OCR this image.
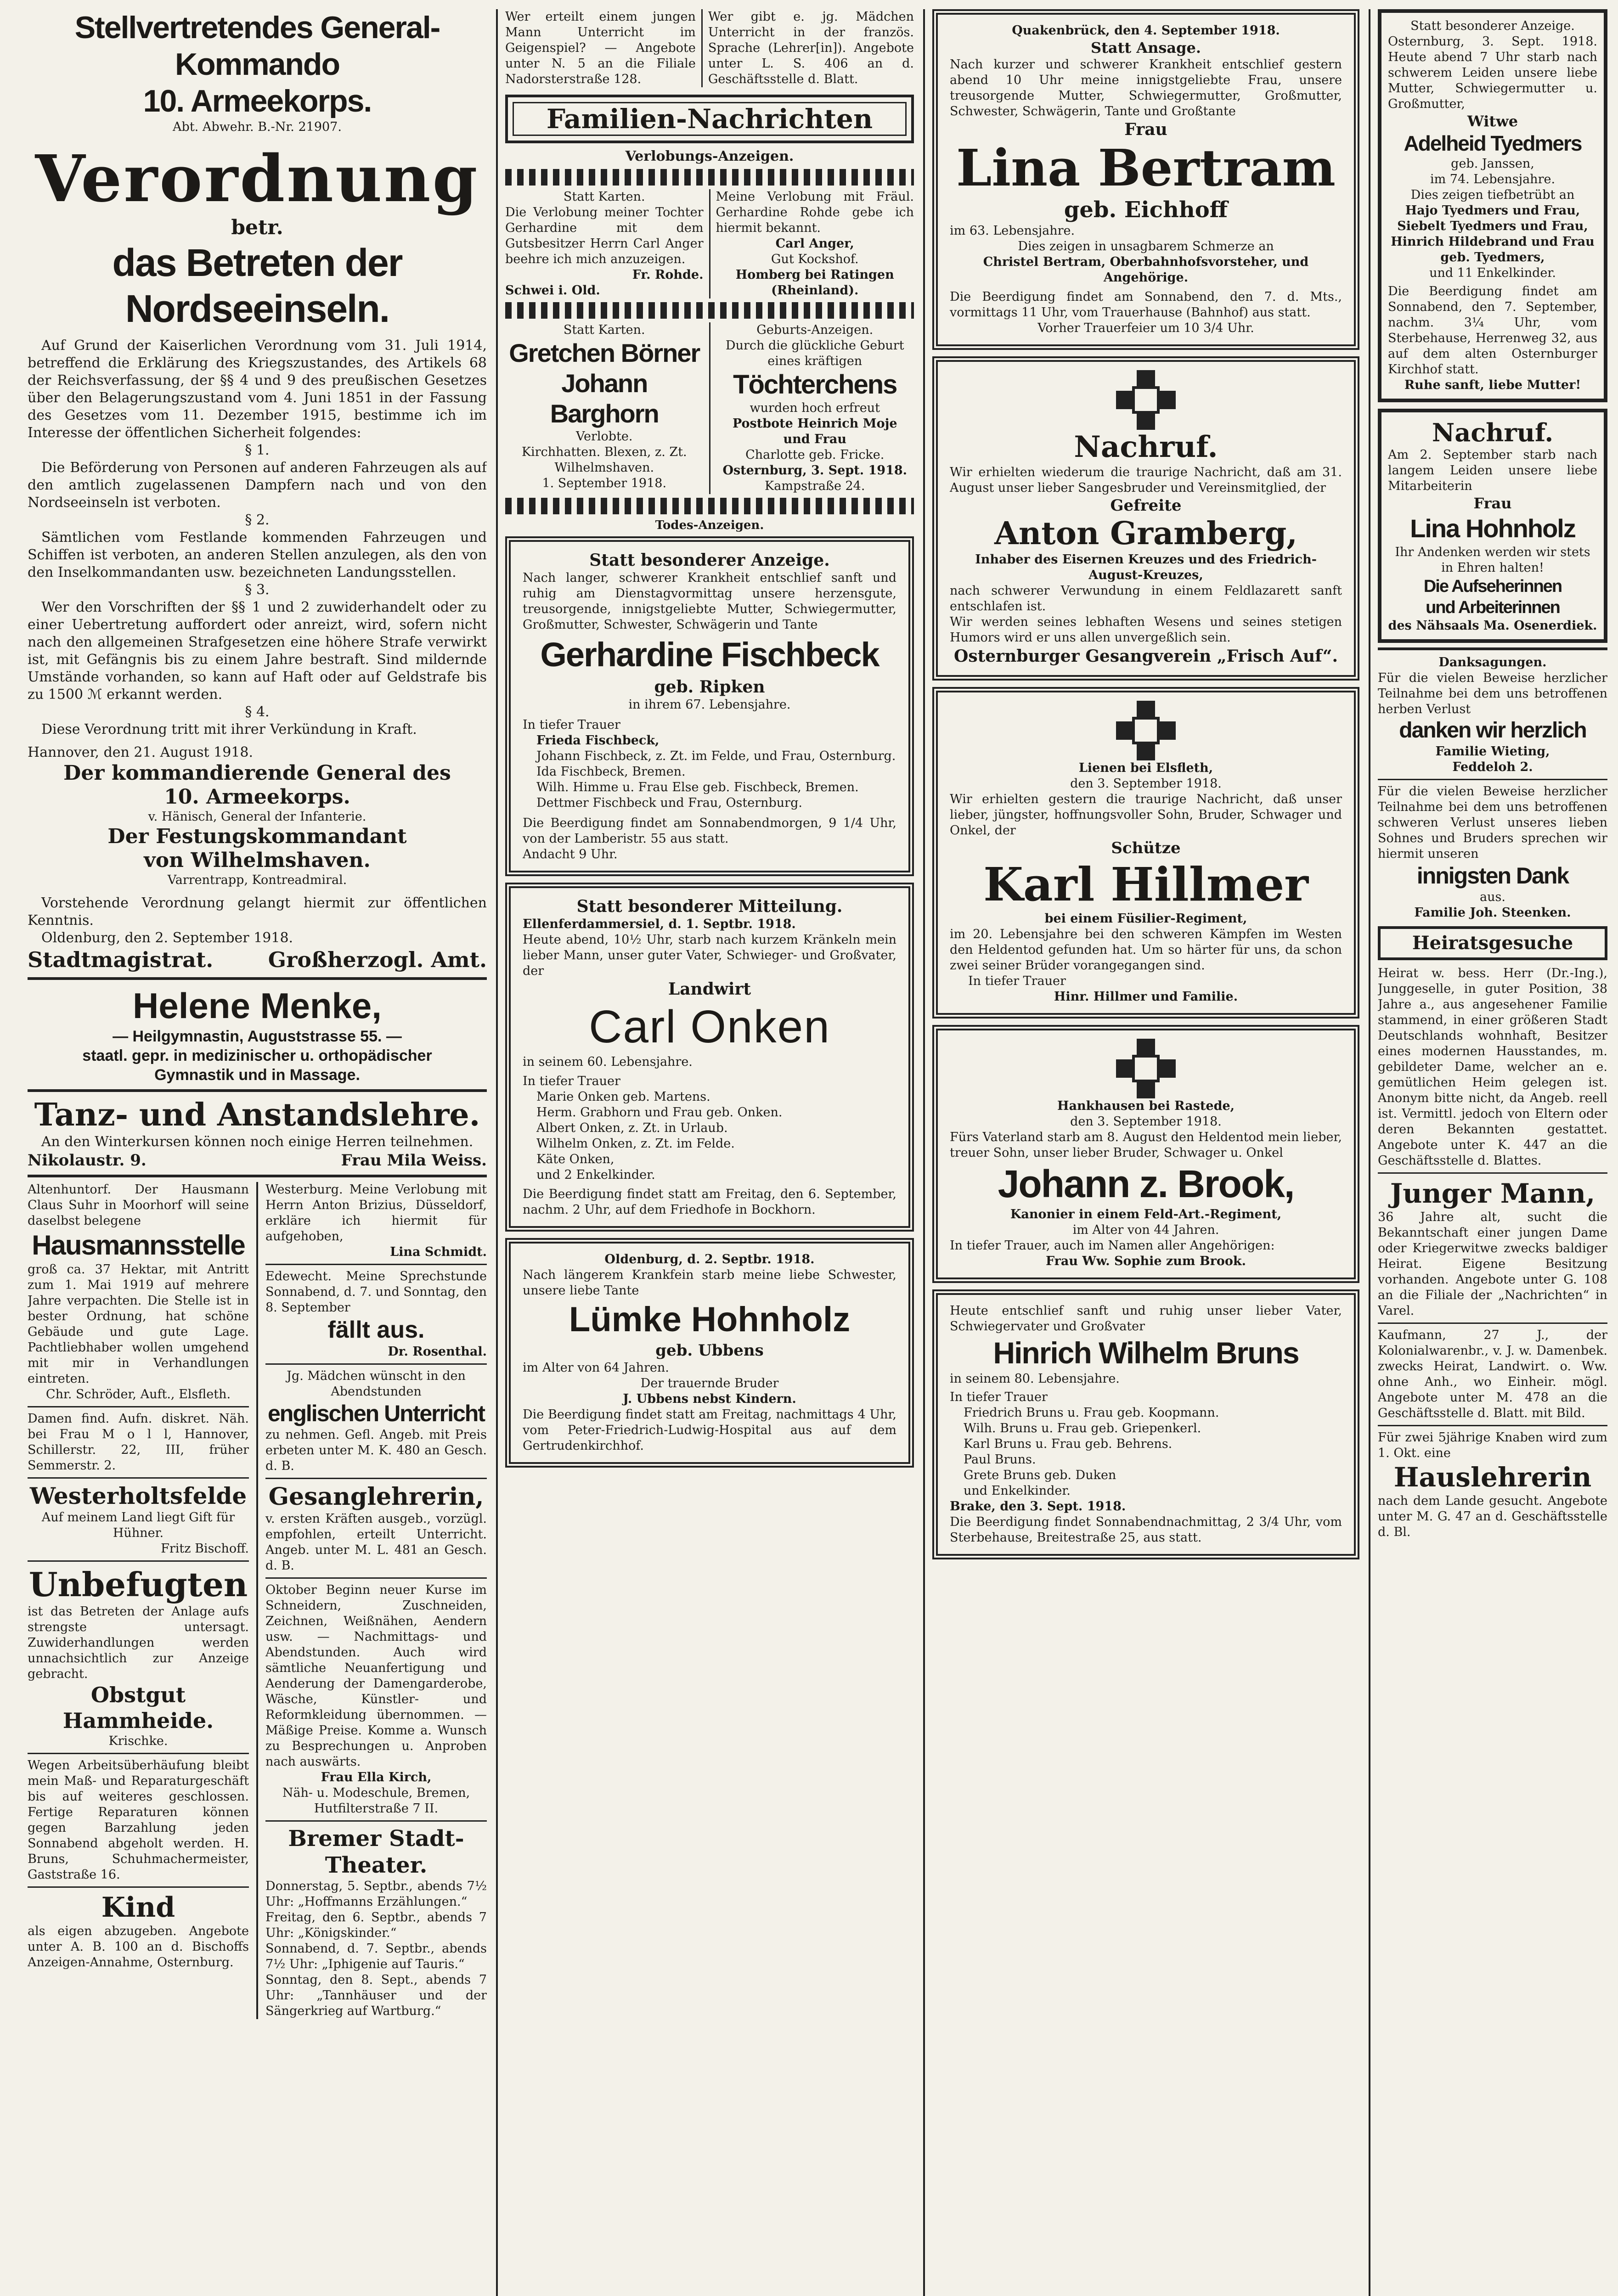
Stellvertretendes General-Kommando

10. Armeekorps.

Abt. Abwehr. B.-Nr. 21907.

Verordnung

betr.

das Betreten der Nordseeinseln.

Auf Grund der Kaiserlichen Verordnung vom 31. Juli 1914, betreffend die Erklärung des Kriegszustandes, des Artikels 68 der Reichsverfassung, der §§ 4 und 9 des preußischen Gesetzes über den Belagerungszustand vom 4. Juni 1851 in der Fassung des Gesetzes vom 11. Dezember 1915, bestimme ich im Interesse der öffentlichen Sicherheit folgendes:

§ 1.

Die Beförderung von Personen auf anderen Fahrzeugen als auf den amtlich zugelassenen Dampfern nach und von den Nordseeinseln ist verboten.

§ 2.

Sämtlichen vom Festlande kommenden Fahrzeugen und Schiffen ist verboten, an anderen Stellen anzulegen, als den von den Inselkommandanten usw. bezeichneten Landungsstellen.

§ 3.

Wer den Vorschriften der §§ 1 und 2 zuwiderhandelt oder zu einer Uebertretung auffordert oder anreizt, wird, sofern nicht nach den allgemeinen Strafgesetzen eine höhere Strafe verwirkt ist, mit Gefängnis bis zu einem Jahre bestraft. Sind mildernde Umstände vorhanden, so kann auf Haft oder auf Geldstrafe bis zu 1500 ℳ erkannt werden.

§ 4.

Diese Verordnung tritt mit ihrer Verkündung in Kraft.

Hannover, den 21. August 1918.

Der kommandierende General des

10. Armeekorps.

v. Hänisch, General der Infanterie.

Der Festungskommandant

von Wilhelmshaven.

Varrentrapp, Kontreadmiral.

Vorstehende Verordnung gelangt hiermit zur öffentlichen Kenntnis.

Oldenburg, den 2. September 1918.

Stadtmagistrat.	Großherzogl. Amt.

Helene Menke,

— Heilgymnastin, Auguststrasse 55. —

staatl. gepr. in medizinischer u. orthopädischer

Gymnastik und in Massage.

Tanz- und Anstandslehre.

An den Winterkursen können noch einige Herren teilnehmen.

Nikolaustr. 9.	Frau Mila Weiss.

Altenhuntorf. Der Hausmann Claus Suhr in Moorhorf will seine daselbst belegene

Hausmannsstelle

groß ca. 37 Hektar, mit Antritt zum 1. Mai 1919 auf mehrere Jahre verpachten. Die Stelle ist in bester Ordnung, hat schöne Gebäude und gute Lage. Pachtliebhaber wollen umgehend mit mir in Verhandlungen eintreten.

Chr. Schröder, Auft., Elsfleth.

Damen find. Aufn. diskret. Näh. bei Frau M o l l, Hannover, Schillerstr. 22, III, früher Semmerstr. 2.

Westerholtsfelde

Auf meinem Land liegt Gift für Hühner.

Fritz Bischoff.

Unbefugten

ist das Betreten der Anlage aufs strengste untersagt. Zuwiderhandlungen werden unnachsichtlich zur Anzeige gebracht.

Obstgut Hammheide.

Krischke.

Wegen Arbeitsüberhäufung bleibt mein Maß- und Reparaturgeschäft bis auf weiteres geschlossen. Fertige Reparaturen können gegen Barzahlung jeden Sonnabend abgeholt werden. H. Bruns, Schuhmachermeister, Gaststraße 16.

Kind

als eigen abzugeben. Angebote unter A. B. 100 an d. Bischoffs Anzeigen-Annahme, Osternburg.

Westerburg. Meine Verlobung mit Herrn Anton Brizius, Düsseldorf, erkläre ich hiermit für aufgehoben,

Lina Schmidt.

Edewecht. Meine Sprechstunde Sonnabend, d. 7. und Sonntag, den 8. September

fällt aus.

Dr. Rosenthal.

Jg. Mädchen wünscht in den Abendstunden

englischen Unterricht

zu nehmen. Gefl. Angeb. mit Preis erbeten unter M. K. 480 an Gesch. d. B.

Gesanglehrerin,

v. ersten Kräften ausgeb., vorzügl. empfohlen, erteilt Unterricht. Angeb. unter M. L. 481 an Gesch. d. B.

Oktober Beginn neuer Kurse im Schneidern, Zuschneiden, Zeichnen, Weißnähen, Aendern usw. — Nachmittags- und Abendstunden. Auch wird sämtliche Neuanfertigung und Aenderung der Damengarderobe, Wäsche, Künstler- und Reformkleidung übernommen. — Mäßige Preise. Komme a. Wunsch zu Besprechungen u. Anproben nach auswärts.

Frau Ella Kirch,

Näh- u. Modeschule, Bremen, Hutfilterstraße 7 II.

Bremer Stadt-Theater.

Donnerstag, 5. Septbr., abends 7½ Uhr: „Hoffmanns Erzählungen.“

Freitag, den 6. Septbr., abends 7 Uhr: „Königskinder.“

Sonnabend, d. 7. Septbr., abends 7½ Uhr: „Iphigenie auf Tauris.“

Sonntag, den 8. Sept., abends 7 Uhr: „Tannhäuser und der Sängerkrieg auf Wartburg.“

Wer erteilt einem jungen Mann Unterricht im Geigenspiel? — Angebote unter N. 5 an die Filiale Nadorsterstraße 128.

Wer gibt e. jg. Mädchen Unterricht in der französ. Sprache (Lehrer[in]). Angebote unter L. S. 406 an d. Geschäftsstelle d. Blatt.

Familien-Nachrichten

Verlobungs-Anzeigen.

Statt Karten.

Die Verlobung meiner Tochter Gerhardine mit dem Gutsbesitzer Herrn Carl Anger beehre ich mich anzuzeigen.

Fr. Rohde.

Schwei i. Old.

Meine Verlobung mit Fräul. Gerhardine Rohde gebe ich hiermit bekannt.

Carl Anger,

Gut Kockshof.

Homberg bei Ratingen (Rheinland).

Statt Karten.

Gretchen Börner

Johann Barghorn

Verlobte.

Kirchhatten. Blexen, z. Zt. Wilhelmshaven.

1. September 1918.

Geburts-Anzeigen.

Durch die glückliche Geburt eines kräftigen

Töchterchens

wurden hoch erfreut

Postbote Heinrich Moje

und Frau

Charlotte geb. Fricke.

Osternburg, 3. Sept. 1918.

Kampstraße 24.

Todes-Anzeigen.

Statt besonderer Anzeige.

Nach langer, schwerer Krankheit entschlief sanft und ruhig am Dienstagvormittag unsere herzensgute, treusorgende, innigstgeliebte Mutter, Schwiegermutter, Großmutter, Schwester, Schwägerin und Tante

Gerhardine Fischbeck

geb. Ripken

in ihrem 67. Lebensjahre.

In tiefer Trauer

Frieda Fischbeck,

Johann Fischbeck, z. Zt. im Felde, und Frau, Osternburg.

Ida Fischbeck, Bremen.

Wilh. Himme u. Frau Else geb. Fischbeck, Bremen.

Dettmer Fischbeck und Frau, Osternburg.

Die Beerdigung findet am Sonnabendmorgen, 9 1/4 Uhr, von der Lamberistr. 55 aus statt.

Andacht 9 Uhr.

Statt besonderer Mitteilung.

Ellenferdammersiel, d. 1. Septbr. 1918.

Heute abend, 10½ Uhr, starb nach kurzem Kränkeln mein lieber Mann, unser guter Vater, Schwieger- und Großvater, der

Landwirt

Carl Onken

in seinem 60. Lebensjahre.

In tiefer Trauer

Marie Onken geb. Martens.

Herm. Grabhorn und Frau geb. Onken.

Albert Onken, z. Zt. in Urlaub.

Wilhelm Onken, z. Zt. im Felde.

Käte Onken,

und 2 Enkelkinder.

Die Beerdigung findet statt am Freitag, den 6. September, nachm. 2 Uhr, auf dem Friedhofe in Bockhorn.

Oldenburg, d. 2. Septbr. 1918.

Nach längerem Krankfein starb meine liebe Schwester, unsere liebe Tante

Lümke Hohnholz

geb. Ubbens

im Alter von 64 Jahren.

Der trauernde Bruder

J. Ubbens nebst Kindern.

Die Beerdigung findet statt am Freitag, nachmittags 4 Uhr, vom Peter-Friedrich-Ludwig-Hospital aus auf dem Gertrudenkirchhof.

Quakenbrück, den 4. September 1918.

Statt Ansage.

Nach kurzer und schwerer Krankheit entschlief gestern abend 10 Uhr meine innigstgeliebte Frau, unsere treusorgende Mutter, Schwiegermutter, Großmutter, Schwester, Schwägerin, Tante und Großtante

Frau

Lina Bertram

geb. Eichhoff

im 63. Lebensjahre.

Dies zeigen in unsagbarem Schmerze an

Christel Bertram, Oberbahnhofsvorsteher, und Angehörige.

Die Beerdigung findet am Sonnabend, den 7. d. Mts., vormittags 11 Uhr, vom Trauerhause (Bahnhof) aus statt.

Vorher Trauerfeier um 10 3/4 Uhr.

Nachruf.

Wir erhielten wiederum die traurige Nachricht, daß am 31. August unser lieber Sangesbruder und Vereinsmitglied, der

Gefreite

Anton Gramberg,

Inhaber des Eisernen Kreuzes und des Friedrich-August-Kreuzes,

nach schwerer Verwundung in einem Feldlazarett sanft entschlafen ist.

Wir werden seines lebhaften Wesens und seines stetigen Humors wird er uns allen unvergeßlich sein.

Osternburger Gesangverein „Frisch Auf“.

Lienen bei Elsfleth,

den 3. September 1918.

Wir erhielten gestern die traurige Nachricht, daß unser lieber, jüngster, hoffnungsvoller Sohn, Bruder, Schwager und Onkel, der

Schütze

Karl Hillmer

bei einem Füsilier-Regiment,

im 20. Lebensjahre bei den schweren Kämpfen im Westen den Heldentod gefunden hat. Um so härter für uns, da schon zwei seiner Brüder vorangegangen sind.

In tiefer Trauer

Hinr. Hillmer und Familie.

Hankhausen bei Rastede,

den 3. September 1918.

Fürs Vaterland starb am 8. August den Heldentod mein lieber, treuer Sohn, unser lieber Bruder, Schwager u. Onkel

Johann z. Brook,

Kanonier in einem Feld-Art.-Regiment,

im Alter von 44 Jahren.

In tiefer Trauer, auch im Namen aller Angehörigen:

Frau Ww. Sophie zum Brook.

Heute entschlief sanft und ruhig unser lieber Vater, Schwiegervater und Großvater

Hinrich Wilhelm Bruns

in seinem 80. Lebensjahre.

In tiefer Trauer

Friedrich Bruns u. Frau geb. Koopmann.

Wilh. Bruns u. Frau geb. Griepenkerl.

Karl Bruns u. Frau geb. Behrens.

Paul Bruns.

Grete Bruns geb. Duken

und Enkelkinder.

Brake, den 3. Sept. 1918.

Die Beerdigung findet Sonnabendnachmittag, 2 3/4 Uhr, vom Sterbehause, Breitestraße 25, aus statt.

Statt besonderer Anzeige.

Osternburg, 3. Sept. 1918. Heute abend 7 Uhr starb nach schwerem Leiden unsere liebe Mutter, Schwiegermutter u. Großmutter,

Witwe

Adelheid Tyedmers

geb. Janssen,

im 74. Lebensjahre.

Dies zeigen tiefbetrübt an

Hajo Tyedmers und Frau,

Siebelt Tyedmers und Frau,

Hinrich Hildebrand und Frau geb. Tyedmers,

und 11 Enkelkinder.

Die Beerdigung findet am Sonnabend, den 7. September, nachm. 3¼ Uhr, vom Sterbehause, Herrenweg 32, aus auf dem alten Osternburger Kirchhof statt.

Ruhe sanft, liebe Mutter!

Nachruf.

Am 2. September starb nach langem Leiden unsere liebe Mitarbeiterin

Frau

Lina Hohnholz

Ihr Andenken werden wir stets in Ehren halten!

Die Aufseherinnen

und Arbeiterinnen

des Nähsaals Ma. Osenerdiek.

Danksagungen.

Für die vielen Beweise herzlicher Teilnahme bei dem uns betroffenen herben Verlust

danken wir herzlich

Familie Wieting,

Feddeloh 2.

Für die vielen Beweise herzlicher Teilnahme bei dem uns betroffenen schweren Verlust unseres lieben Sohnes und Bruders sprechen wir hiermit unseren

innigsten Dank

aus.

Familie Joh. Steenken.

Heiratsgesuche

Heirat w. bess. Herr (Dr.-Ing.), Junggeselle, in guter Position, 38 Jahre a., aus angesehener Familie stammend, in einer größeren Stadt Deutschlands wohnhaft, Besitzer eines modernen Hausstandes, m. gebildeter Dame, welcher an e. gemütlichen Heim gelegen ist. Anonym bitte nicht, da Angeb. reell ist. Vermittl. jedoch von Eltern oder deren Bekannten gestattet. Angebote unter K. 447 an die Geschäftsstelle d. Blattes.

Junger Mann,

36 Jahre alt, sucht die Bekanntschaft einer jungen Dame oder Kriegerwitwe zwecks baldiger Heirat. Eigene Besitzung vorhanden. Angebote unter G. 108 an die Filiale der „Nachrichten“ in Varel.

Kaufmann, 27 J., der Kolonialwarenbr., v. J. w. Damenbek. zwecks Heirat, Landwirt. o. Ww. ohne Anh., wo Einheir. mögl. Angebote unter M. 478 an die Geschäftsstelle d. Blatt. mit Bild.

Für zwei 5jährige Knaben wird zum 1. Okt. eine

Hauslehrerin

nach dem Lande gesucht. Angebote unter M. G. 47 an d. Geschäftsstelle d. Bl.
